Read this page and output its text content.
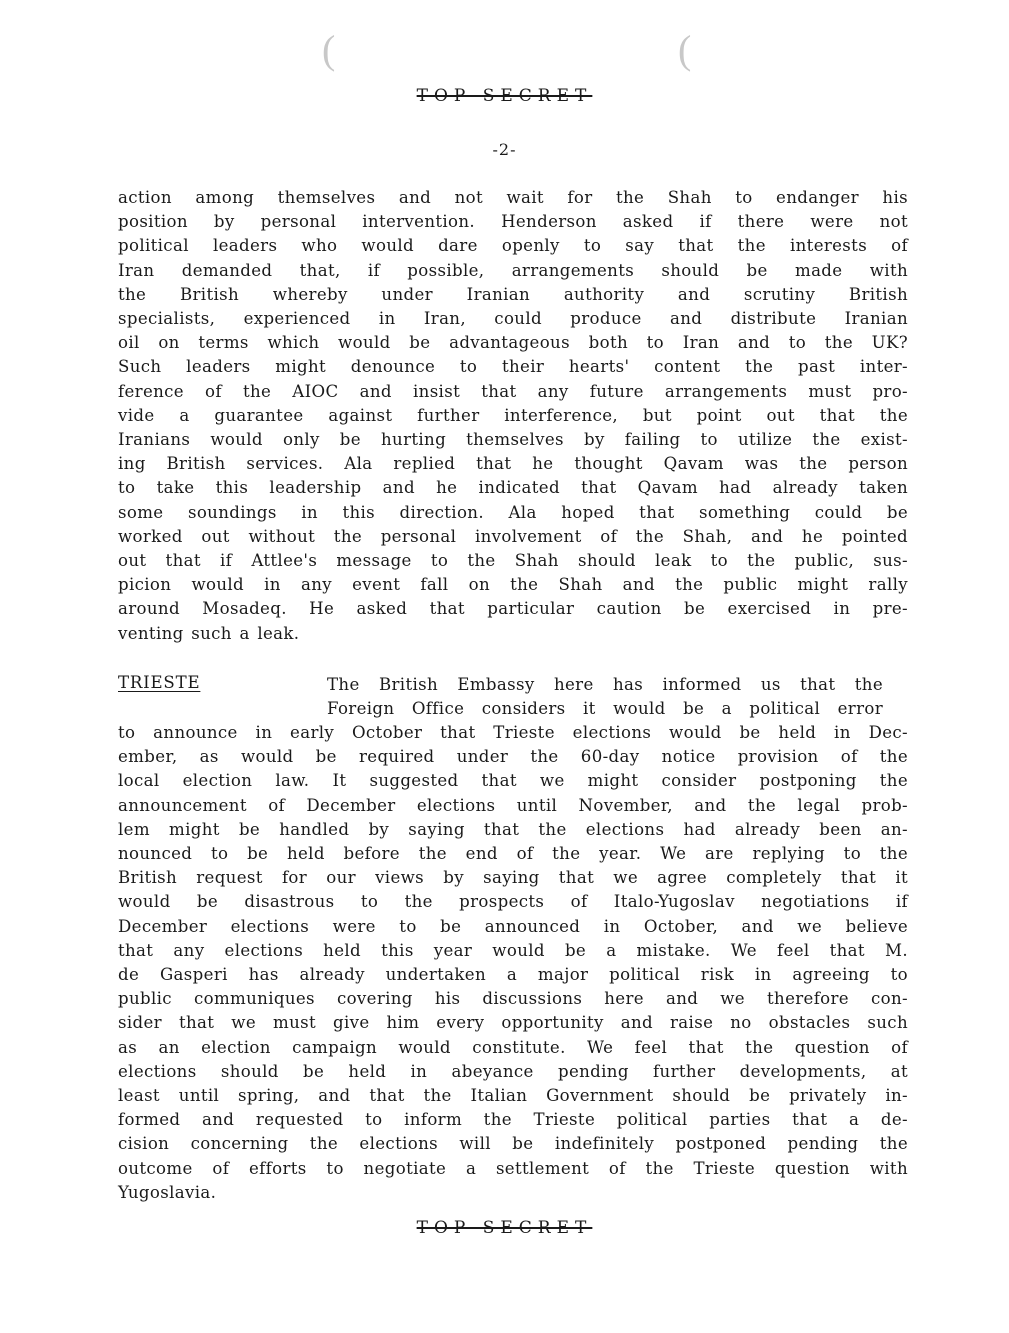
(	(
TOP SECRET
-2-
action among themselves and not wait for the Shah to endanger his
position by personal intervention. Henderson asked if there were not
political leaders who would dare openly to say that the interests of
Iran demanded that, if possible, arrangements should be made with
the British whereby under Iranian authority and scrutiny British
specialists, experienced in Iran, could produce and distribute Iranian
oil on terms which would be advantageous both to Iran and to the UK?
Such leaders might denounce to their hearts' content the past inter-
ference of the AIOC and insist that any future arrangements must pro-
vide a guarantee against further interference, but point out that the
Iranians would only be hurting themselves by failing to utilize the exist-
ing British services. Ala replied that he thought Qavam was the person
to take this leadership and he indicated that Qavam had already taken
some soundings in this direction. Ala hoped that something could be
worked out without the personal involvement of the Shah, and he pointed
out that if Attlee's message to the Shah should leak to the public, sus-
picion would in any event fall on the Shah and the public might rally
around Mosadeq. He asked that particular caution be exercised in pre-
venting such a leak.
TRIESTE	The British Embassy here has informed us that the
Foreign Office considers it would be a political error
to announce in early October that Trieste elections would be held in Dec-
ember, as would be required under the 60-day notice provision of the
local election law. It suggested that we might consider postponing the
announcement of December elections until November, and the legal prob-
lem might be handled by saying that the elections had already been an-
nounced to be held before the end of the year. We are replying to the
British request for our views by saying that we agree completely that it
would be disastrous to the prospects of Italo-Yugoslav negotiations if
December elections were to be announced in October, and we believe
that any elections held this year would be a mistake. We feel that M.
de Gasperi has already undertaken a major political risk in agreeing to
public communiques covering his discussions here and we therefore con-
sider that we must give him every opportunity and raise no obstacles such
as an election campaign would constitute. We feel that the question of
elections should be held in abeyance pending further developments, at
least until spring, and that the Italian Government should be privately in-
formed and requested to inform the Trieste political parties that a de-
cision concerning the elections will be indefinitely postponed pending the
outcome of efforts to negotiate a settlement of the Trieste question with
Yugoslavia.
TOP SECRET
